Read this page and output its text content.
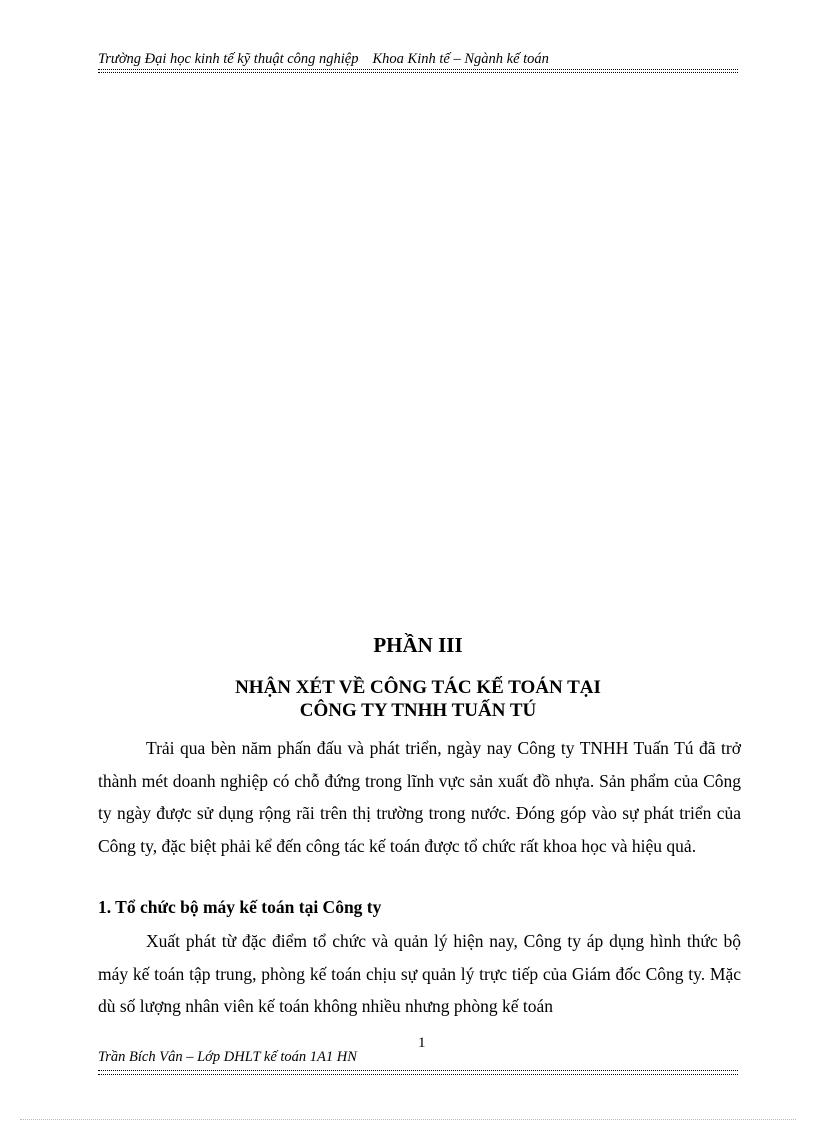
Trường Đại học kinh tế kỹ thuật công nghiệp Khoa Kinh tế – Ngành kế toán
PHẦN III
NHẬN XÉT VỀ CÔNG TÁC KẾ TOÁN TẠI
CÔNG TY TNHH TUẤN TÚ

Trải qua bèn năm phấn đấu và phát triển, ngày nay Công ty TNHH Tuấn Tú đã trở thành mét doanh nghiệp có chỗ đứng trong lĩnh vực sản xuất đồ nhựa. Sản phẩm của Công ty ngày được sử dụng rộng rãi trên thị trường trong nước. Đóng góp vào sự phát triển của Công ty, đặc biệt phải kể đến công tác kế toán được tổ chức rất khoa học và hiệu quả.

1. Tổ chức bộ máy kế toán tại Công ty

Xuất phát từ đặc điểm tổ chức và quản lý hiện nay, Công ty áp dụng hình thức bộ máy kế toán tập trung, phòng kế toán chịu sự quản lý trực tiếp của Giám đốc Công ty. Mặc dù số lượng nhân viên kế toán không nhiều nhưng phòng kế toán

1
Trần Bích Vân – Lớp DHLT kế toán 1A1 HN
